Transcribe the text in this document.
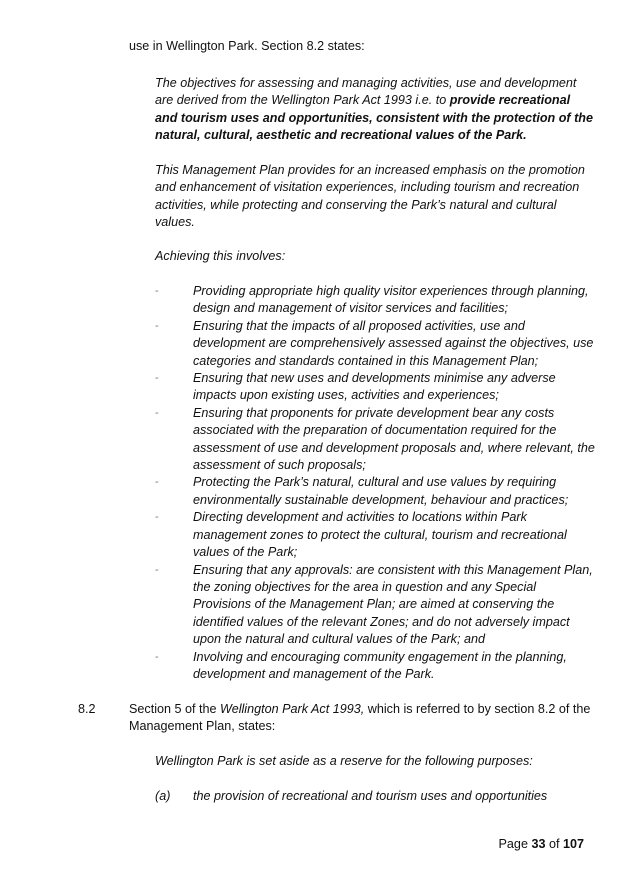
use in Wellington Park. Section 8.2 states:
The objectives for assessing and managing activities, use and development are derived from the Wellington Park Act 1993 i.e. to provide recreational and tourism uses and opportunities, consistent with the protection of the natural, cultural, aesthetic and recreational values of the Park.
This Management Plan provides for an increased emphasis on the promotion and enhancement of visitation experiences, including tourism and recreation activities, while protecting and conserving the Park’s natural and cultural values.
Achieving this involves:
-	Providing appropriate high quality visitor experiences through planning, design and management of visitor services and facilities;
-	Ensuring that the impacts of all proposed activities, use and development are comprehensively assessed against the objectives, use categories and standards contained in this Management Plan;
-	Ensuring that new uses and developments minimise any adverse impacts upon existing uses, activities and experiences;
-	Ensuring that proponents for private development bear any costs associated with the preparation of documentation required for the assessment of use and development proposals and, where relevant, the assessment of such proposals;
-	Protecting the Park’s natural, cultural and use values by requiring environmentally sustainable development, behaviour and practices;
-	Directing development and activities to locations within Park management zones to protect the cultural, tourism and recreational values of the Park;
-	Ensuring that any approvals: are consistent with this Management Plan, the zoning objectives for the area in question and any Special Provisions of the Management Plan; are aimed at conserving the identified values of the relevant Zones; and do not adversely impact upon the natural and cultural values of the Park; and
-	Involving and encouraging community engagement in the planning, development and management of the Park.
8.2	Section 5 of the Wellington Park Act 1993, which is referred to by section 8.2 of the Management Plan, states:
Wellington Park is set aside as a reserve for the following purposes:
(a) the provision of recreational and tourism uses and opportunities
Page 33 of 107
